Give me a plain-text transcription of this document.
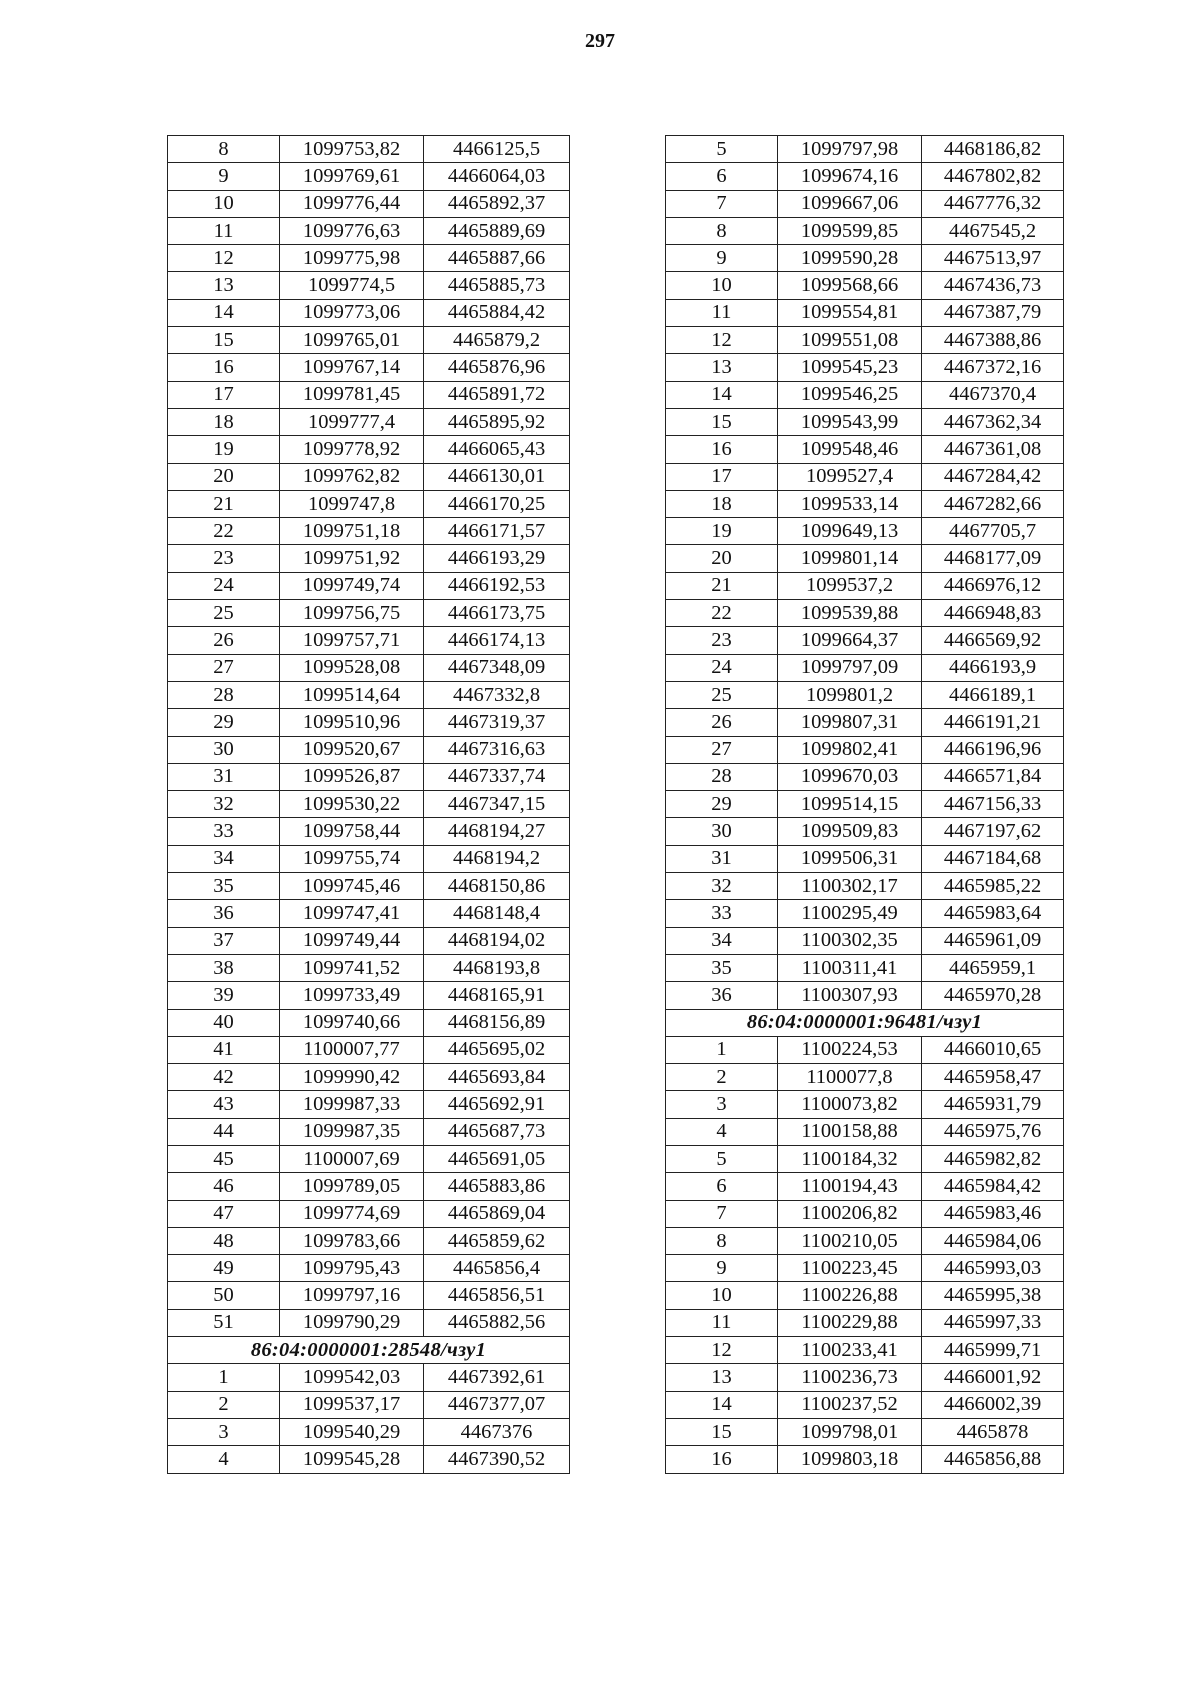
297
8	1099753,82	4466125,5
9	1099769,61	4466064,03
10	1099776,44	4465892,37
11	1099776,63	4465889,69
12	1099775,98	4465887,66
13	1099774,5	4465885,73
14	1099773,06	4465884,42
15	1099765,01	4465879,2
16	1099767,14	4465876,96
17	1099781,45	4465891,72
18	1099777,4	4465895,92
19	1099778,92	4466065,43
20	1099762,82	4466130,01
21	1099747,8	4466170,25
22	1099751,18	4466171,57
23	1099751,92	4466193,29
24	1099749,74	4466192,53
25	1099756,75	4466173,75
26	1099757,71	4466174,13
27	1099528,08	4467348,09
28	1099514,64	4467332,8
29	1099510,96	4467319,37
30	1099520,67	4467316,63
31	1099526,87	4467337,74
32	1099530,22	4467347,15
33	1099758,44	4468194,27
34	1099755,74	4468194,2
35	1099745,46	4468150,86
36	1099747,41	4468148,4
37	1099749,44	4468194,02
38	1099741,52	4468193,8
39	1099733,49	4468165,91
40	1099740,66	4468156,89
41	1100007,77	4465695,02
42	1099990,42	4465693,84
43	1099987,33	4465692,91
44	1099987,35	4465687,73
45	1100007,69	4465691,05
46	1099789,05	4465883,86
47	1099774,69	4465869,04
48	1099783,66	4465859,62
49	1099795,43	4465856,4
50	1099797,16	4465856,51
51	1099790,29	4465882,56
86:04:0000001:28548/чзу1		
1	1099542,03	4467392,61
2	1099537,17	4467377,07
3	1099540,29	4467376
4	1099545,28	4467390,52
5	1099797,98	4468186,82
6	1099674,16	4467802,82
7	1099667,06	4467776,32
8	1099599,85	4467545,2
9	1099590,28	4467513,97
10	1099568,66	4467436,73
11	1099554,81	4467387,79
12	1099551,08	4467388,86
13	1099545,23	4467372,16
14	1099546,25	4467370,4
15	1099543,99	4467362,34
16	1099548,46	4467361,08
17	1099527,4	4467284,42
18	1099533,14	4467282,66
19	1099649,13	4467705,7
20	1099801,14	4468177,09
21	1099537,2	4466976,12
22	1099539,88	4466948,83
23	1099664,37	4466569,92
24	1099797,09	4466193,9
25	1099801,2	4466189,1
26	1099807,31	4466191,21
27	1099802,41	4466196,96
28	1099670,03	4466571,84
29	1099514,15	4467156,33
30	1099509,83	4467197,62
31	1099506,31	4467184,68
32	1100302,17	4465985,22
33	1100295,49	4465983,64
34	1100302,35	4465961,09
35	1100311,41	4465959,1
36	1100307,93	4465970,28
86:04:0000001:96481/чзу1		
1	1100224,53	4466010,65
2	1100077,8	4465958,47
3	1100073,82	4465931,79
4	1100158,88	4465975,76
5	1100184,32	4465982,82
6	1100194,43	4465984,42
7	1100206,82	4465983,46
8	1100210,05	4465984,06
9	1100223,45	4465993,03
10	1100226,88	4465995,38
11	1100229,88	4465997,33
12	1100233,41	4465999,71
13	1100236,73	4466001,92
14	1100237,52	4466002,39
15	1099798,01	4465878
16	1099803,18	4465856,88
